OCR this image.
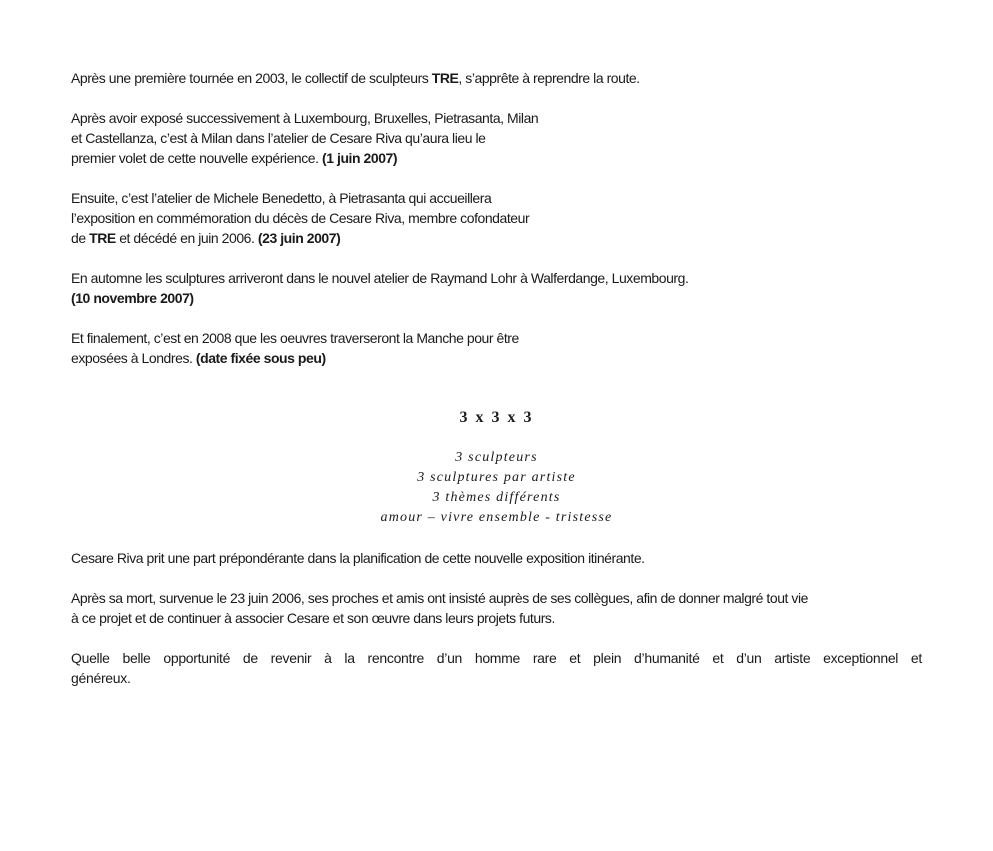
Après une première tournée en 2003, le collectif de sculpteurs TRE, s’apprête à reprendre la route.
Après avoir exposé successivement à Luxembourg, Bruxelles, Pietrasanta, Milan
et Castellanza, c’est à Milan dans l’atelier de Cesare Riva qu’aura lieu le
premier volet de cette nouvelle expérience. (1 juin 2007)
Ensuite, c’est l’atelier de Michele Benedetto, à Pietrasanta qui accueillera
l’exposition en commémoration du décès de Cesare Riva, membre cofondateur
de TRE et décédé en juin 2006. (23 juin 2007)
En automne les sculptures arriveront dans le nouvel atelier de Raymand Lohr à Walferdange, Luxembourg.
(10 novembre 2007)
Et finalement, c’est en 2008 que les oeuvres traverseront la Manche pour être
exposées à Londres. (date fixée sous peu)
3 x 3 x 3
3 sculpteurs
3 sculptures par artiste
3 thèmes différents
amour – vivre ensemble - tristesse
Cesare Riva prit une part prépondérante dans la planification de cette nouvelle exposition itinérante.
Après sa mort, survenue le 23 juin 2006, ses proches et amis ont insisté auprès de ses collègues, afin de donner malgré tout vie
à ce projet et de continuer à associer Cesare et son œuvre dans leurs projets futurs.
Quelle belle opportunité de revenir à la rencontre d’un homme rare et plein d’humanité et d’un artiste exceptionnel et
généreux.
